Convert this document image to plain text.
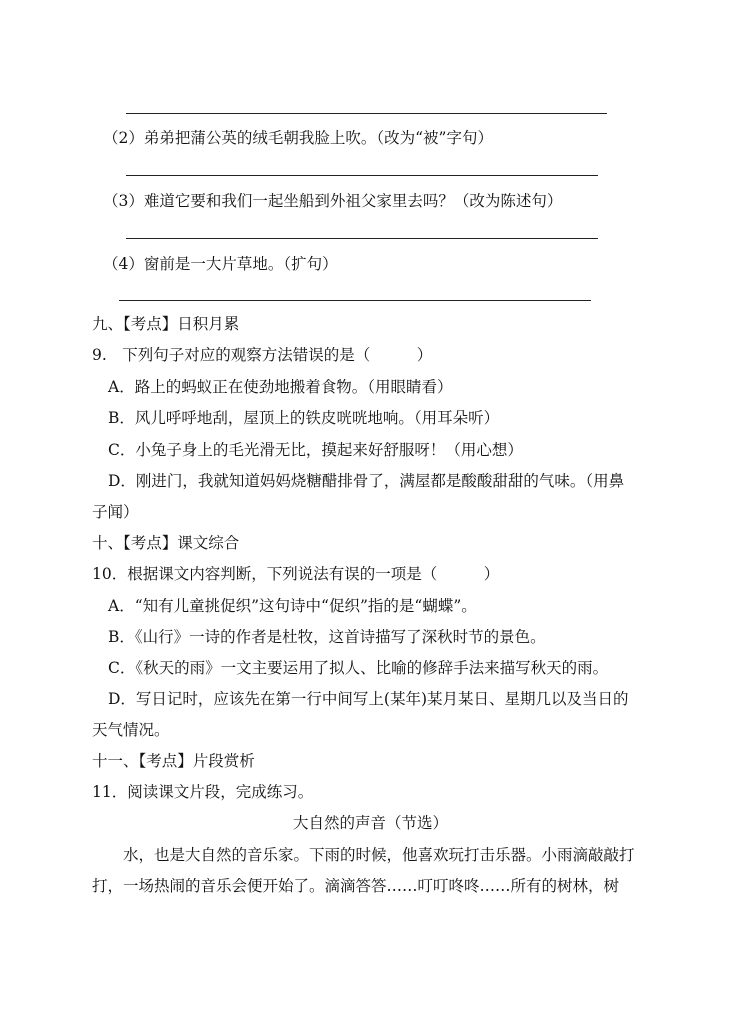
（2）弟弟把蒲公英的绒毛朝我脸上吹。（改为“被”字句）
（3）难道它要和我们一起坐船到外祖父家里去吗？（改为陈述句）
（4）窗前是一大片草地。（扩句）
九、【考点】日积月累
9.　下列句子对应的观察方法错误的是（　　　）
A．路上的蚂蚁正在使劲地搬着食物。（用眼睛看）
B．风儿呼呼地刮，屋顶上的铁皮咣咣地响。（用耳朵听）
C．小兔子身上的毛光滑无比，摸起来好舒服呀！（用心想）
D．刚进门，我就知道妈妈烧糖醋排骨了，满屋都是酸酸甜甜的气味。（用鼻
子闻）
十、【考点】课文综合
10．根据课文内容判断，下列说法有误的一项是（　　　）
A．“知有儿童挑促织”这句诗中“促织”指的是“蝴蝶”。
B．《山行》一诗的作者是杜牧，这首诗描写了深秋时节的景色。
C．《秋天的雨》一文主要运用了拟人、比喻的修辞手法来描写秋天的雨。
D．写日记时，应该先在第一行中间写上(某年)某月某日、星期几以及当日的
天气情况。
十一、【考点】片段赏析
11．阅读课文片段，完成练习。
大自然的声音（节选）
　　水，也是大自然的音乐家。下雨的时候，他喜欢玩打击乐器。小雨滴敲敲打
打，一场热闹的音乐会便开始了。滴滴答答……叮叮咚咚……所有的树林，树
